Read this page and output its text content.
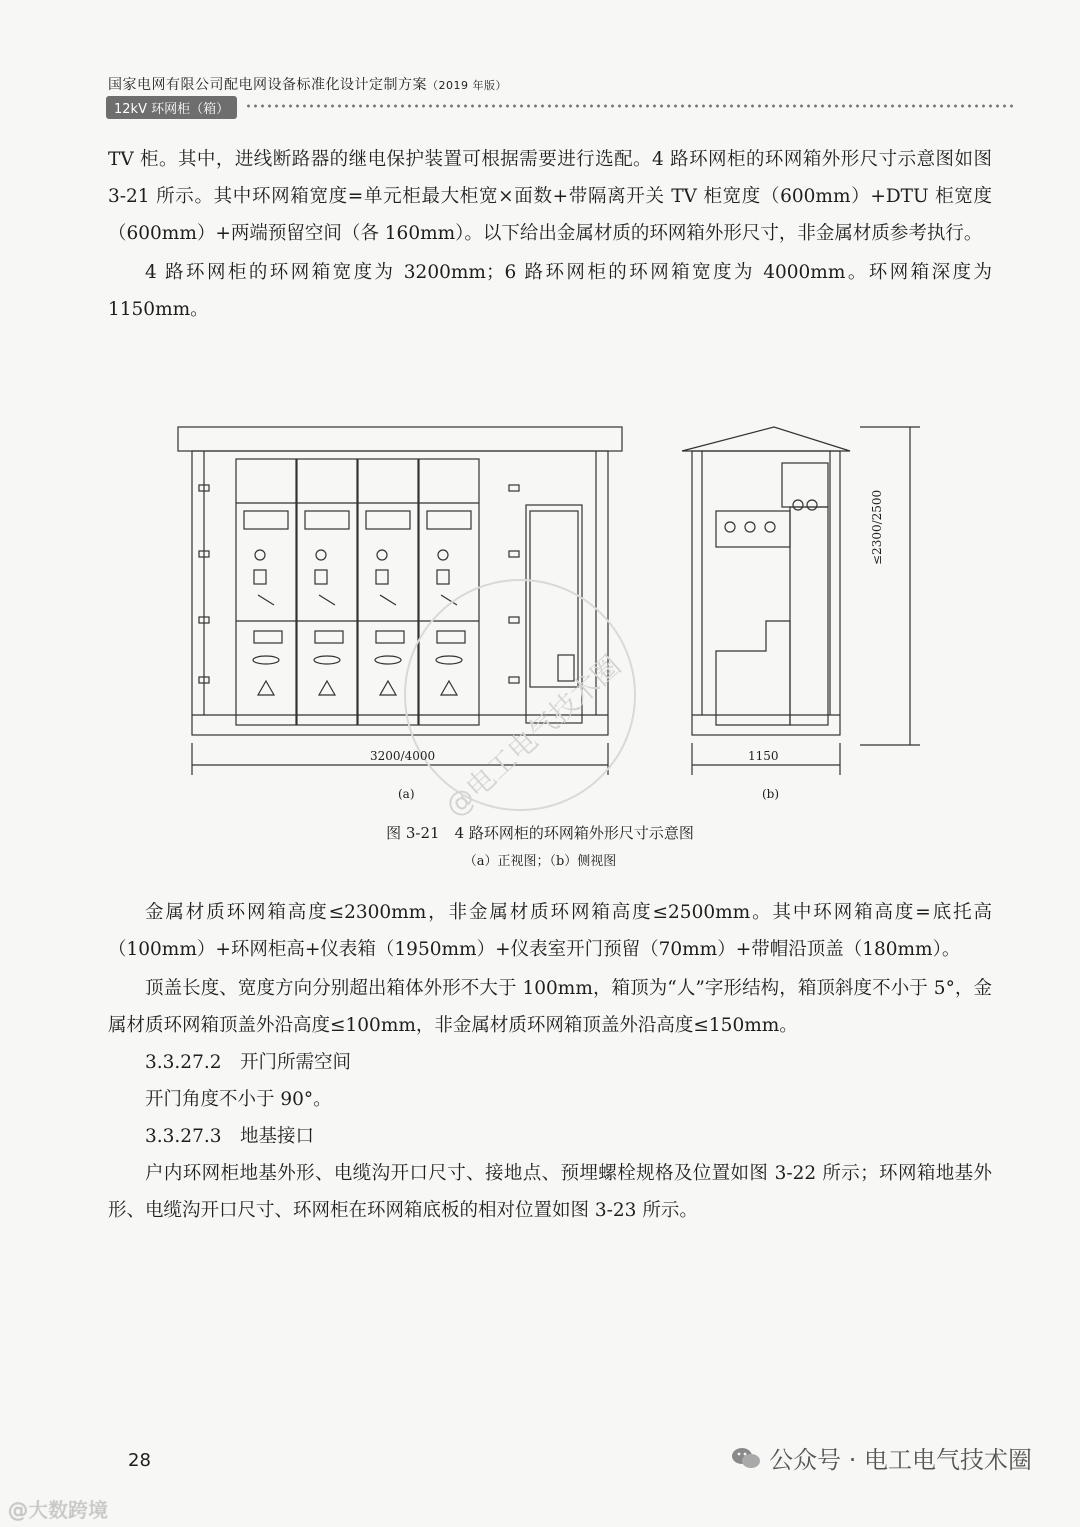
国家电网有限公司配电网设备标准化设计定制方案（2019 年版）
12kV 环网柜（箱）

TV 柜。其中，进线断路器的继电保护装置可根据需要进行选配。4 路环网柜的环网箱外形尺寸示意图如图 3-21 所示。其中环网箱宽度=单元柜最大柜宽×面数+带隔离开关 TV 柜宽度（600mm）+DTU 柜宽度（600mm）+两端预留空间（各 160mm）。以下给出金属材质的环网箱外形尺寸，非金属材质参考执行。

4 路环网柜的环网箱宽度为 3200mm；6 路环网柜的环网箱宽度为 4000mm。环网箱深度为 1150mm。

3200/4000	1150
≤2300/2500
(a)	(b)
@电工电气技术圈
图 3-21　4 路环网柜的环网箱外形尺寸示意图
（a）正视图；（b）侧视图

金属材质环网箱高度≤2300mm，非金属材质环网箱高度≤2500mm。其中环网箱高度=底托高（100mm）+环网柜高+仪表箱（1950mm）+仪表室开门预留（70mm）+带帽沿顶盖（180mm）。

顶盖长度、宽度方向分别超出箱体外形不大于 100mm，箱顶为“人”字形结构，箱顶斜度不小于 5°，金属材质环网箱顶盖外沿高度≤100mm，非金属材质环网箱顶盖外沿高度≤150mm。

3.3.27.2　开门所需空间

开门角度不小于 90°。

3.3.27.3　地基接口

户内环网柜地基外形、电缆沟开口尺寸、接地点、预埋螺栓规格及位置如图 3-22 所示；环网箱地基外形、电缆沟开口尺寸、环网柜在环网箱底板的相对位置如图 3-23 所示。

28	公众号 · 电工电气技术圈
@大数跨境
